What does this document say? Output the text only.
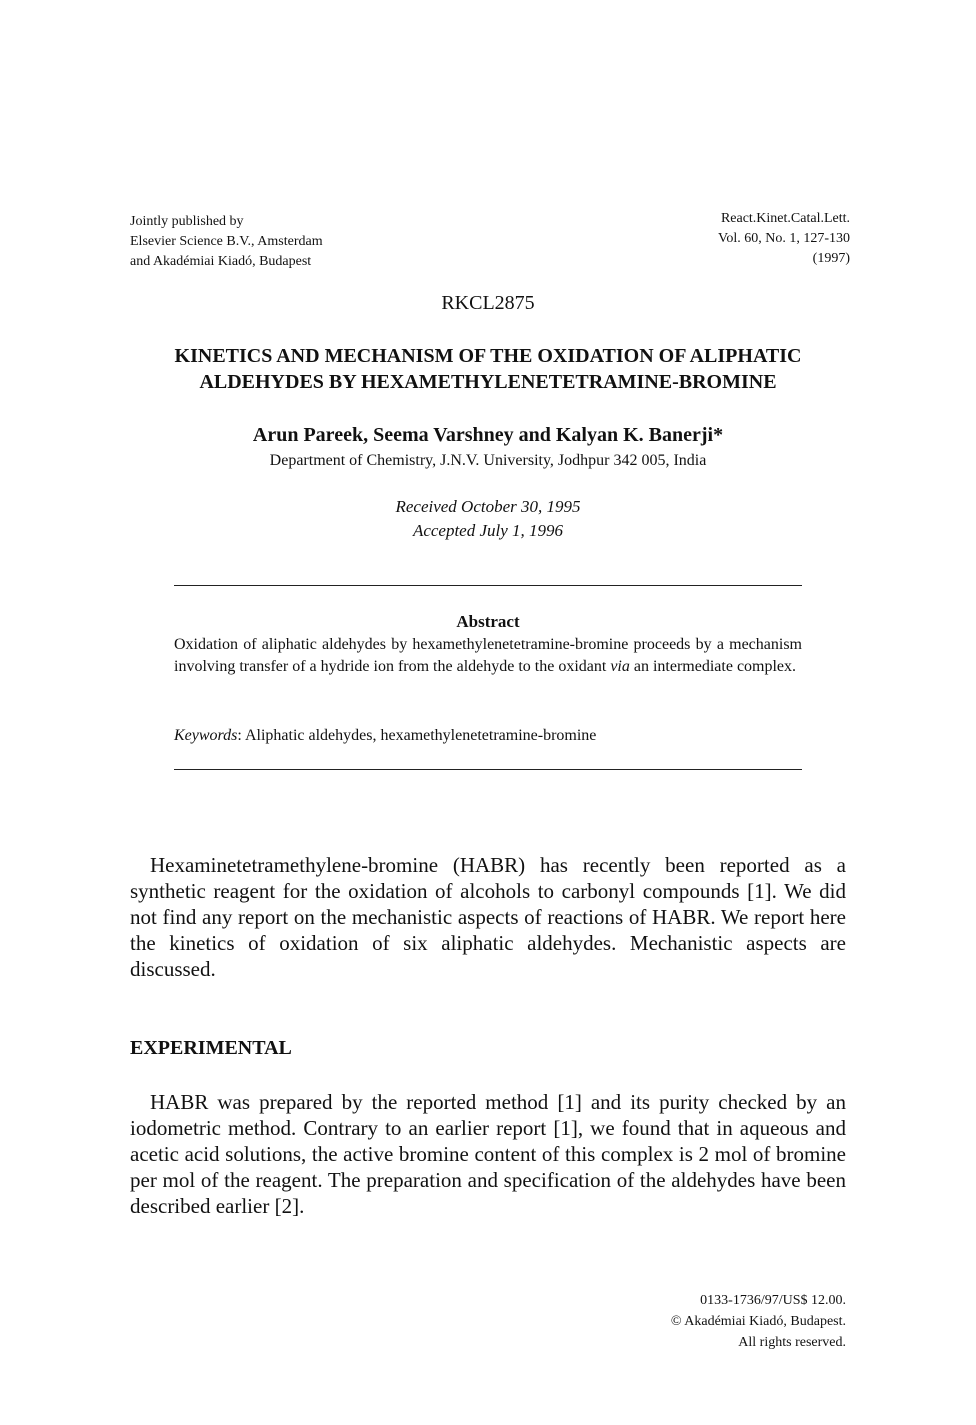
Jointly published by
Elsevier Science B.V., Amsterdam
and Akadémiai Kiadó, Budapest
React.Kinet.Catal.Lett.
Vol. 60, No. 1, 127-130
(1997)
RKCL2875
KINETICS AND MECHANISM OF THE OXIDATION OF ALIPHATIC
ALDEHYDES BY HEXAMETHYLENETETRAMINE-BROMINE
Arun Pareek, Seema Varshney and Kalyan K. Banerji*
Department of Chemistry, J.N.V. University, Jodhpur 342 005, India
Received October 30, 1995
Accepted July 1, 1996
Abstract
Oxidation of aliphatic aldehydes by hexamethylenetetramine-bromine proceeds by a mechanism involving transfer of a hydride ion from the aldehyde to the oxidant via an intermediate complex.
Keywords: Aliphatic aldehydes, hexamethylenetetramine-bromine
Hexaminetetramethylene-bromine (HABR) has recently been reported as a synthetic reagent for the oxidation of alcohols to carbonyl compounds [1]. We did not find any report on the mechanistic aspects of reactions of HABR. We report here the kinetics of oxidation of six aliphatic aldehydes. Mechanistic aspects are discussed.
EXPERIMENTAL
HABR was prepared by the reported method [1] and its purity checked by an iodometric method. Contrary to an earlier report [1], we found that in aqueous and acetic acid solutions, the active bromine content of this complex is 2 mol of bromine per mol of the reagent. The preparation and specification of the aldehydes have been described earlier [2].
0133-1736/97/US$ 12.00.
© Akadémiai Kiadó, Budapest.
All rights reserved.
